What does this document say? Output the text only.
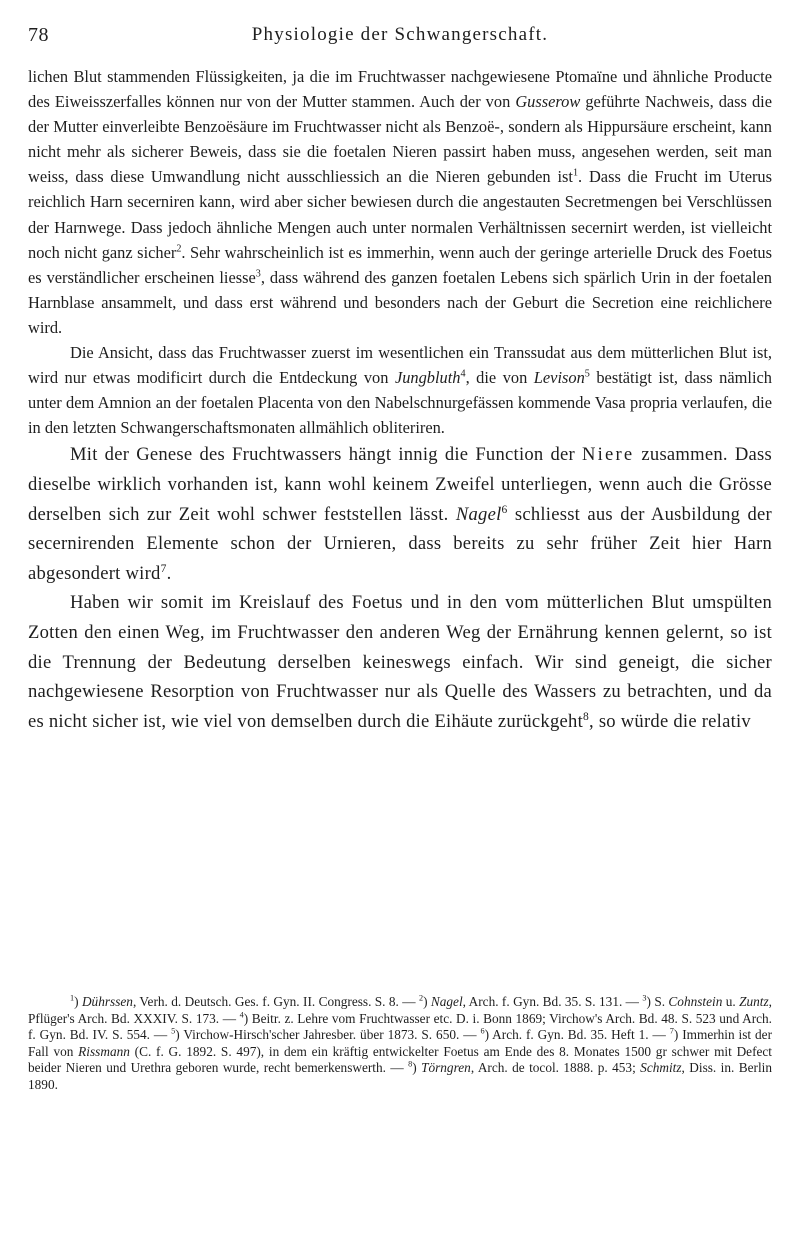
78	Physiologie der Schwangerschaft.

lichen Blut stammenden Flüssigkeiten, ja die im Fruchtwasser nachgewiesene Ptomaïne und ähnliche Producte des Eiweisszerfalles können nur von der Mutter stammen. Auch der von Gusserow geführte Nachweis, dass die der Mutter einverleibte Benzoësäure im Fruchtwasser nicht als Benzoë-, sondern als Hippursäure erscheint, kann nicht mehr als sicherer Beweis, dass sie die foetalen Nieren passirt haben muss, angesehen werden, seit man weiss, dass diese Umwandlung nicht ausschliessich an die Nieren gebunden ist$^1$. Dass die Frucht im Uterus reichlich Harn secerniren kann, wird aber sicher bewiesen durch die angestauten Secretmengen bei Verschlüssen der Harnwege. Dass jedoch ähnliche Mengen auch unter normalen Verhältnissen secernirt werden, ist vielleicht noch nicht ganz sicher$^2$. Sehr wahrscheinlich ist es immerhin, wenn auch der geringe arterielle Druck des Foetus es verständlicher erscheinen liesse$^3$, dass während des ganzen foetalen Lebens sich spärlich Urin in der foetalen Harnblase ansammelt, und dass erst während und besonders nach der Geburt die Secretion eine reichlichere wird.

Die Ansicht, dass das Fruchtwasser zuerst im wesentlichen ein Transsudat aus dem mütterlichen Blut ist, wird nur etwas modificirt durch die Entdeckung von Jungbluth$^4$, die von Levison$^5$ bestätigt ist, dass nämlich unter dem Amnion an der foetalen Placenta von den Nabelschnurgefässen kommende Vasa propria verlaufen, die in den letzten Schwangerschaftsmonaten allmählich obliteriren.

Mit der Genese des Fruchtwassers hängt innig die Function der Niere zusammen. Dass dieselbe wirklich vorhanden ist, kann wohl keinem Zweifel unterliegen, wenn auch die Grösse derselben sich zur Zeit wohl schwer feststellen lässt. Nagel$^6$ schliesst aus der Ausbildung der secernirenden Elemente schon der Urnieren, dass bereits zu sehr früher Zeit hier Harn abgesondert wird$^7$.

Haben wir somit im Kreislauf des Foetus und in den vom mütterlichen Blut umspülten Zotten den einen Weg, im Fruchtwasser den anderen Weg der Ernährung kennen gelernt, so ist die Trennung der Bedeutung derselben keineswegs einfach. Wir sind geneigt, die sicher nachgewiesene Resorption von Fruchtwasser nur als Quelle des Wassers zu betrachten, und da es nicht sicher ist, wie viel von demselben durch die Eihäute zurückgeht$^8$, so würde die relativ

$^1$) Dührssen, Verh. d. Deutsch. Ges. f. Gyn. II. Congress. S. 8. — $^2$) Nagel, Arch. f. Gyn. Bd. 35. S. 131. — $^3$) S. Cohnstein u. Zuntz, Pflüger's Arch. Bd. XXXIV. S. 173. — $^4$) Beitr. z. Lehre vom Fruchtwasser etc. D. i. Bonn 1869; Virchow's Arch. Bd. 48. S. 523 und Arch. f. Gyn. Bd. IV. S. 554. — $^5$) Virchow-Hirsch'scher Jahresber. über 1873. S. 650. — $^6$) Arch. f. Gyn. Bd. 35. Heft 1. — $^7$) Immerhin ist der Fall von Rissmann (C. f. G. 1892. S. 497), in dem ein kräftig entwickelter Foetus am Ende des 8. Monates 1500 gr schwer mit Defect beider Nieren und Urethra geboren wurde, recht bemerkenswerth. — $^8$) Törngren, Arch. de tocol. 1888. p. 453; Schmitz, Diss. in. Berlin 1890.
